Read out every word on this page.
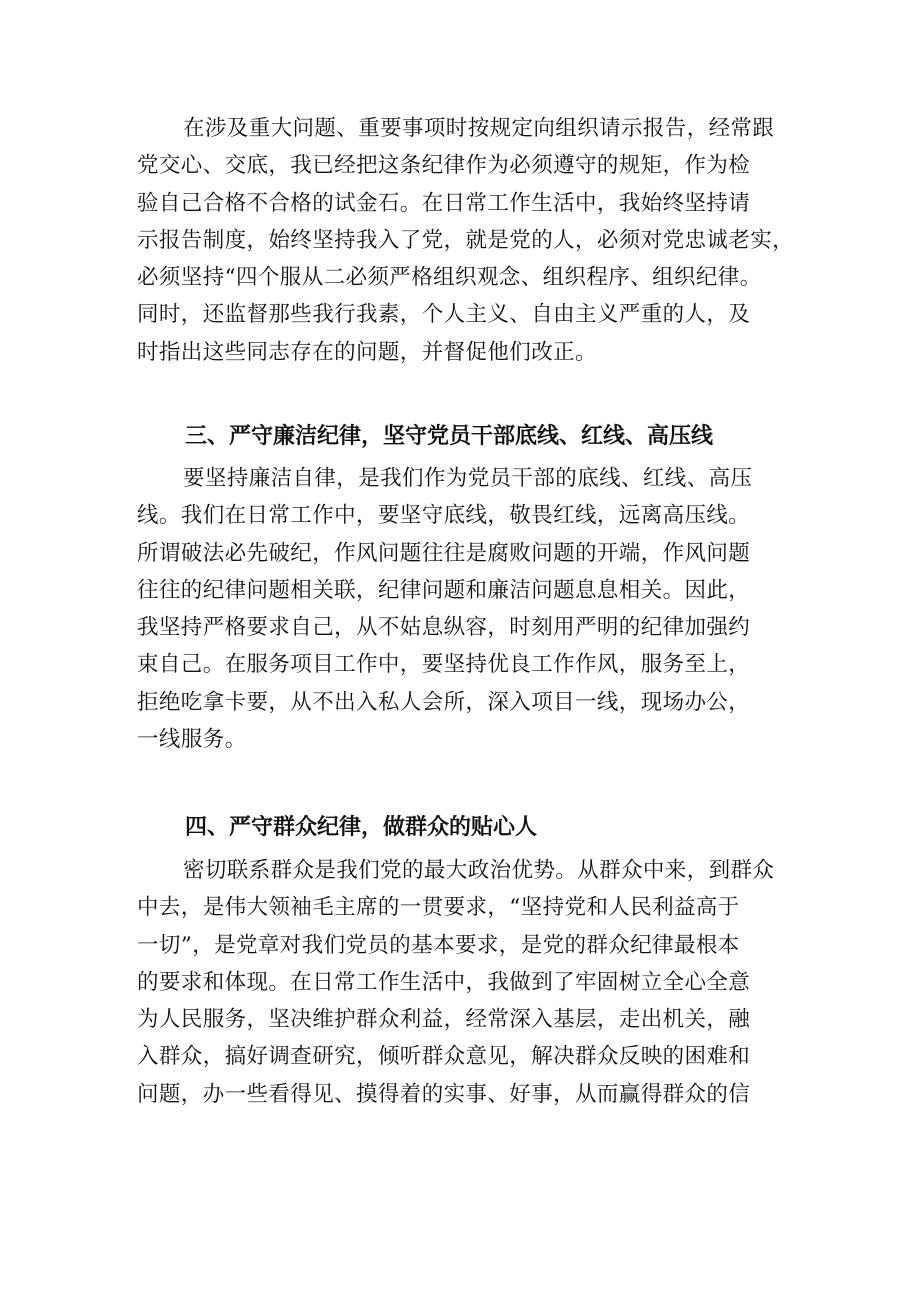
在涉及重大问题、重要事项时按规定向组织请示报告，经常跟
党交心、交底，我已经把这条纪律作为必须遵守的规矩，作为检
验自己合格不合格的试金石。在日常工作生活中，我始终坚持请
示报告制度，始终坚持我入了党，就是党的人，必须对党忠诚老实，
必须坚持“四个服从二必须严格组织观念、组织程序、组织纪律。
同时，还监督那些我行我素，个人主义、自由主义严重的人，及
时指出这些同志存在的问题，并督促他们改正。
三、严守廉洁纪律，坚守党员干部底线、红线、高压线
要坚持廉洁自律，是我们作为党员干部的底线、红线、高压
线。我们在日常工作中，要坚守底线，敬畏红线，远离高压线。
所谓破法必先破纪，作风问题往往是腐败问题的开端，作风问题
往往的纪律问题相关联，纪律问题和廉洁问题息息相关。因此，
我坚持严格要求自己，从不姑息纵容，时刻用严明的纪律加强约
束自己。在服务项目工作中，要坚持优良工作作风，服务至上，
拒绝吃拿卡要，从不出入私人会所，深入项目一线，现场办公，
一线服务。
四、严守群众纪律，做群众的贴心人
密切联系群众是我们党的最大政治优势。从群众中来，到群众
中去，是伟大领袖毛主席的一贯要求，“坚持党和人民利益高于
一切”，是党章对我们党员的基本要求，是党的群众纪律最根本
的要求和体现。在日常工作生活中，我做到了牢固树立全心全意
为人民服务，坚决维护群众利益，经常深入基层，走出机关，融
入群众，搞好调查研究，倾听群众意见，解决群众反映的困难和
问题，办一些看得见、摸得着的实事、好事，从而赢得群众的信
